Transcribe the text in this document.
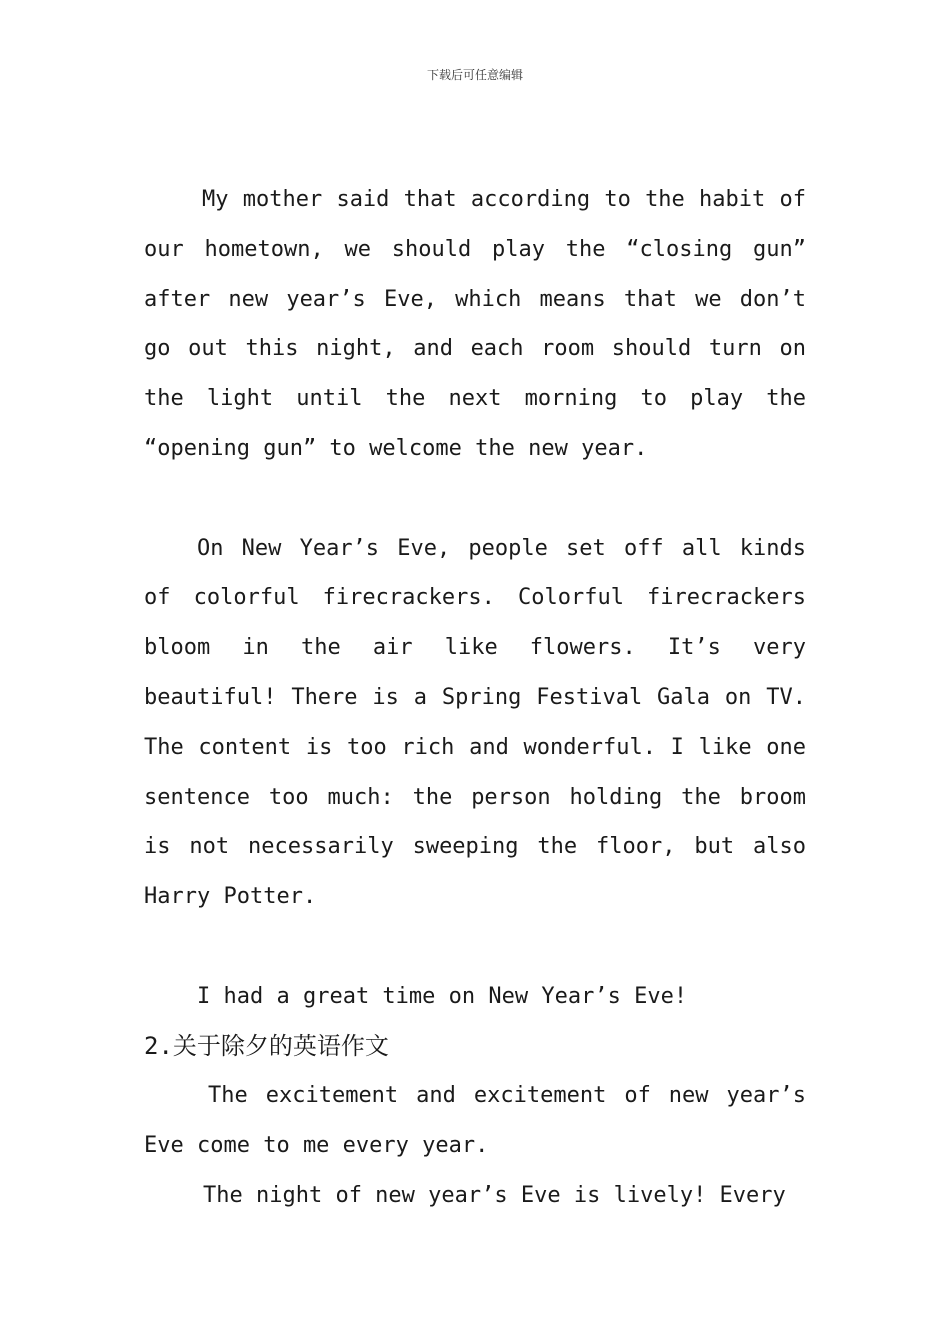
下载后可任意编辑

My mother said that according to the habit of our hometown, we should play the “closing gun” after new year’s Eve, which means that we don’t go out this night, and each room should turn on the light until the next morning to play the “opening gun” to welcome the new year.

On New Year’s Eve, people set off all kinds of colorful firecrackers. Colorful firecrackers bloom in the air like flowers. It’s very beautiful! There is a Spring Festival Gala on TV. The content is too rich and wonderful. I like one sentence too much: the person holding the broom is not necessarily sweeping the floor, but also Harry Potter.

I had a great time on New Year’s Eve!

2.关于除夕的英语作文

The excitement and excitement of new year’s Eve come to me every year.

The night of new year’s Eve is lively! Every
